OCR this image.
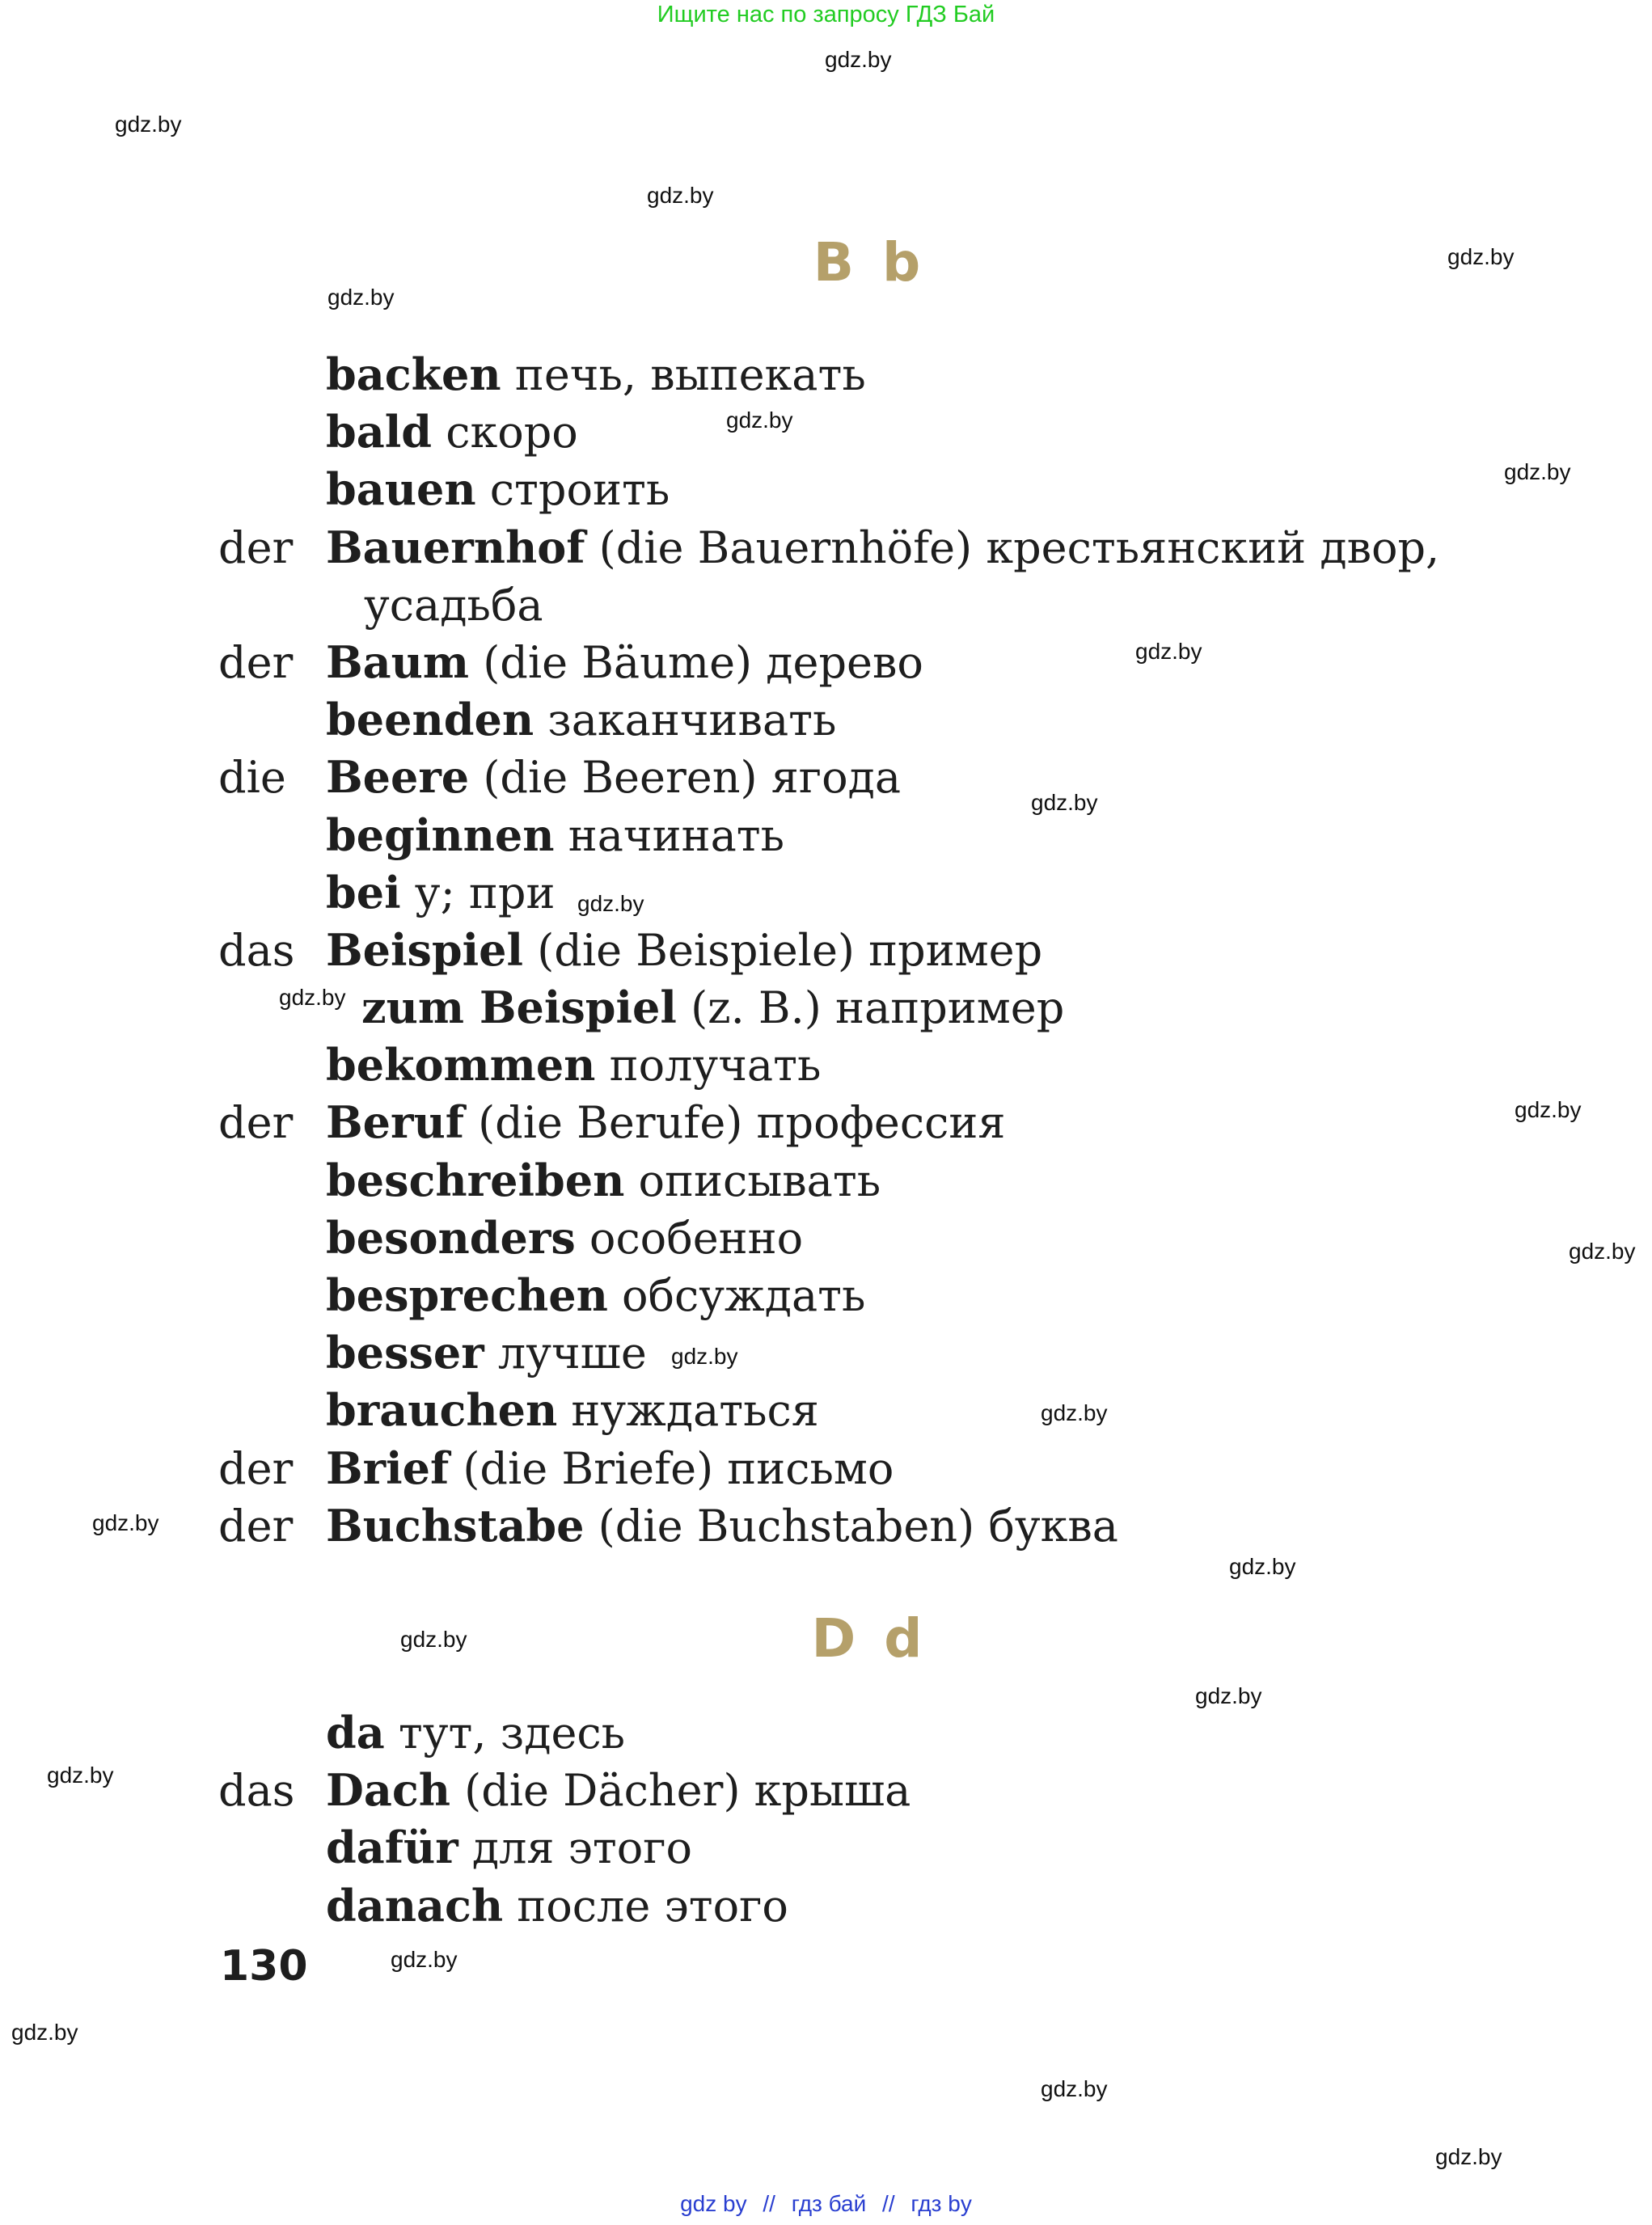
Ищите нас по запросу ГДЗ Бай
gdz.by
gdz.by
gdz.by
gdz.by
gdz.by
gdz.by
gdz.by
gdz.by
gdz.by
gdz.by
gdz.by
gdz.by
gdz.by
gdz.by
gdz.by
gdz.by
gdz.by
gdz.by
gdz.by
gdz.by
gdz.by
gdz.by
gdz.by
gdz.by
B b
backen печь, выпекать
bald скоро
bauen строить
der Bauernhof (die Bauernhöfe) крестьянский двор,
усадьба
der Baum (die Bäume) дерево
beenden заканчивать
die Beere (die Beeren) ягода
beginnen начинать
bei у; при
das Beispiel (die Beispiele) пример
zum Beispiel (z. B.) например
bekommen получать
der Beruf (die Berufe) профессия
beschreiben описывать
besonders особенно
besprechen обсуждать
besser лучше
brauchen нуждаться
der Brief (die Briefe) письмо
der Buchstabe (die Buchstaben) буква
D d
da тут, здесь
das Dach (die Dächer) крыша
dafür для этого
danach после этого
130
gdz by // гдз бай // гдз by
